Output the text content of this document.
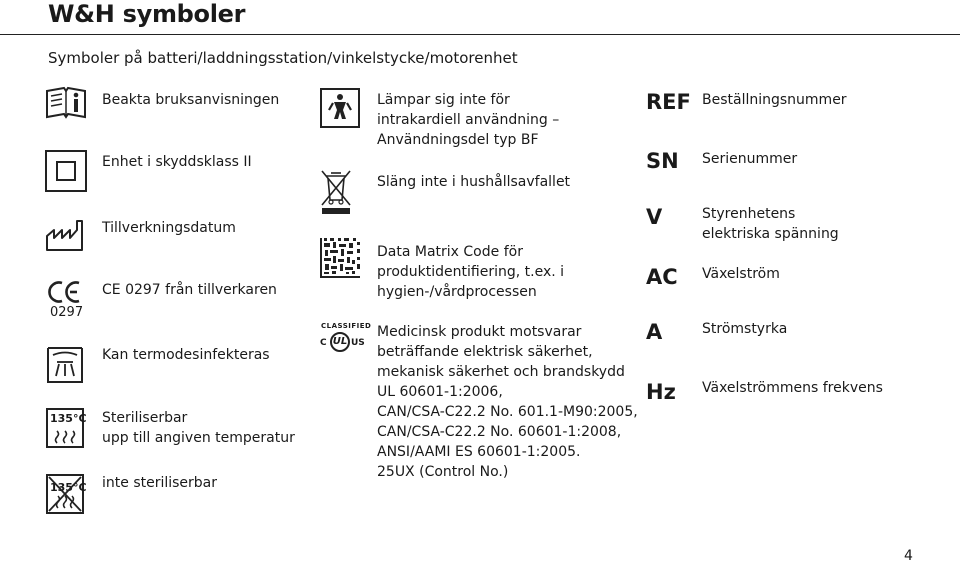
W&H symboler
Symboler på batteri/laddningsstation/vinkelstycke/motorenhet
Beakta bruksanvisningen
Enhet i skyddsklass II
Tillverkningsdatum
0297
CE 0297 från tillverkaren
Kan termodesinfekteras
135°C Steriliserbar
upp till angiven temperatur
135°C inte steriliserbar
Lämpar sig inte för
intrakardiell användning –
Användningsdel typ BF
Släng inte i hushållsavfallet
Data Matrix Code för
produktidentifiering, t.ex. i
hygien-/vårdprocessen
CLASSIFIED
C UL US
Medicinsk produkt motsvarar
beträffande elektrisk säkerhet,
mekanisk säkerhet och brandskydd
UL 60601-1:2006,
CAN/CSA-C22.2 No. 601.1-M90:2005,
CAN/CSA-C22.2 No. 60601-1:2008,
ANSI/AAMI ES 60601-1:2005.
25UX (Control No.)
REF Beställningsnummer
SN Serienummer
V	Styrenhetens
elektriska spänning
AC Växelström
A	Strömstyrka
Hz Växelströmmens frekvens
4
